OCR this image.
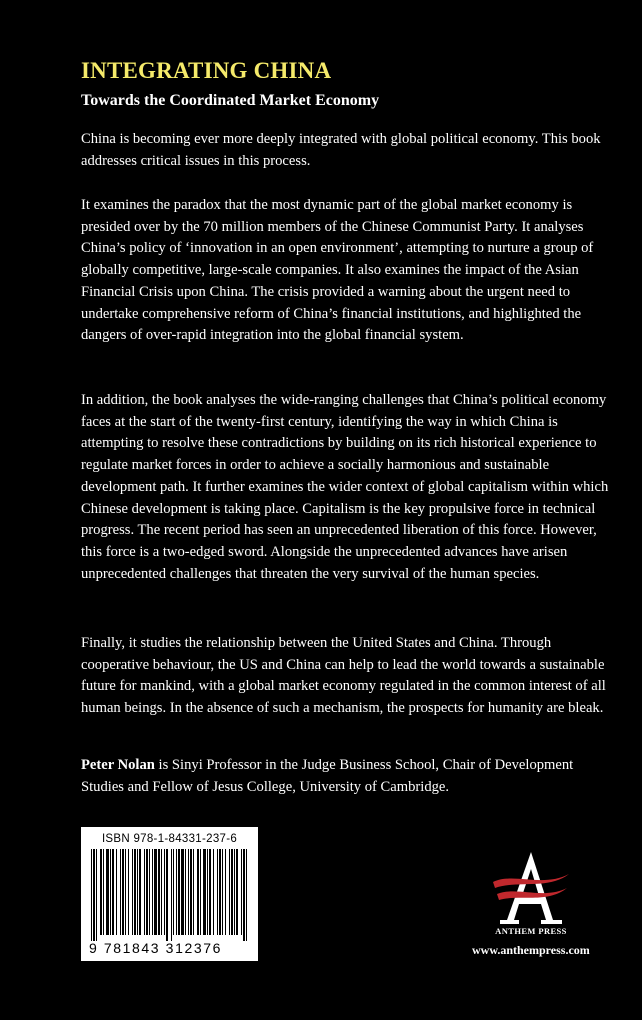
INTEGRATING CHINA
Towards the Coordinated Market Economy

China is becoming ever more deeply integrated with global political economy. This book addresses critical issues in this process.

It examines the paradox that the most dynamic part of the global market economy is presided over by the 70 million members of the Chinese Communist Party. It analyses China’s policy of ‘innovation in an open environment’, attempting to nurture a group of globally competitive, large-scale companies. It also examines the impact of the Asian Financial Crisis upon China. The crisis provided a warning about the urgent need to undertake comprehensive reform of China’s financial institutions, and highlighted the dangers of over-rapid integration into the global financial system.

In addition, the book analyses the wide-ranging challenges that China’s political economy faces at the start of the twenty-first century, identifying the way in which China is attempting to resolve these contradictions by building on its rich historical experience to regulate market forces in order to achieve a socially harmonious and sustainable development path. It further examines the wider context of global capitalism within which Chinese development is taking place. Capitalism is the key propulsive force in technical progress. The recent period has seen an unprecedented liberation of this force. However, this force is a two-edged sword. Alongside the unprecedented advances have arisen unprecedented challenges that threaten the very survival of the human species.

Finally, it studies the relationship between the United States and China. Through cooperative behaviour, the US and China can help to lead the world towards a sustainable future for mankind, with a global market economy regulated in the common interest of all human beings. In the absence of such a mechanism, the prospects for humanity are bleak.

Peter Nolan is Sinyi Professor in the Judge Business School, Chair of Development Studies and Fellow of Jesus College, University of Cambridge.

ISBN 978-1-84331-237-6
9 781843 312376
ANTHEM PRESS
www.anthempress.com
